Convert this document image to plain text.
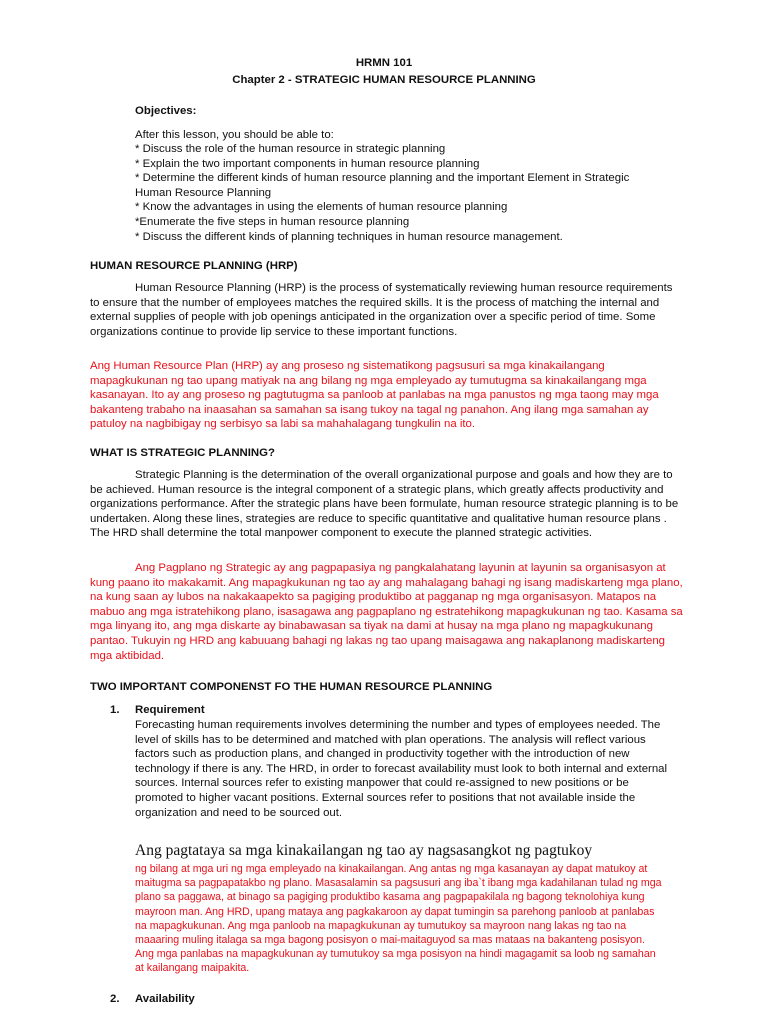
HRMN 101
Chapter 2 - STRATEGIC HUMAN RESOURCE PLANNING
Objectives:
After this lesson, you should be able to:
* Discuss the role of the human resource in strategic planning
* Explain the two important components in human resource planning
* Determine the different kinds of human resource planning and the important Element in Strategic Human Resource Planning
* Know the advantages in using the elements of human resource planning
*Enumerate the five steps in human resource planning
* Discuss the different kinds of planning techniques in human resource management.
HUMAN RESOURCE PLANNING (HRP)

Human Resource Planning (HRP) is the process of systematically reviewing human resource requirements to ensure that the number of employees matches the required skills. It is the process of matching the internal and external supplies of people with job openings anticipated in the organization over a specific period of time. Some organizations continue to provide lip service to these important functions.

Ang Human Resource Plan (HRP) ay ang proseso ng sistematikong pagsusuri sa mga kinakailangang mapagkukunan ng tao upang matiyak na ang bilang ng mga empleyado ay tumutugma sa kinakailangang mga kasanayan. Ito ay ang proseso ng pagtutugma sa panloob at panlabas na mga panustos ng mga taong may mga bakanteng trabaho na inaasahan sa samahan sa isang tukoy na tagal ng panahon. Ang ilang mga samahan ay patuloy na nagbibigay ng serbisyo sa labi sa mahahalagang tungkulin na ito.

WHAT IS STRATEGIC PLANNING?

Strategic Planning is the determination of the overall organizational purpose and goals and how they are to be achieved. Human resource is the integral component of a strategic plans, which greatly affects productivity and organizations performance. After the strategic plans have been formulate, human resource strategic planning is to be undertaken. Along these lines, strategies are reduce to specific quantitative and qualitative human resource plans . The HRD shall determine the total manpower component to execute the planned strategic activities.

Ang Pagplano ng Strategic ay ang pagpapasiya ng pangkalahatang layunin at layunin sa organisasyon at kung paano ito makakamit. Ang mapagkukunan ng tao ay ang mahalagang bahagi ng isang madiskarteng mga plano, na kung saan ay lubos na nakakaapekto sa pagiging produktibo at pagganap ng mga organisasyon. Matapos na mabuo ang mga istratehikong plano, isasagawa ang pagpaplano ng estratehikong mapagkukunan ng tao. Kasama sa mga linyang ito, ang mga diskarte ay binabawasan sa tiyak na dami at husay na mga plano ng mapagkukunang pantao. Tukuyin ng HRD ang kabuuang bahagi ng lakas ng tao upang maisagawa ang nakaplanong madiskarteng mga aktibidad.

TWO IMPORTANT COMPONENST FO THE HUMAN RESOURCE PLANNING
1. Requirement

Forecasting human requirements involves determining the number and types of employees needed. The level of skills has to be determined and matched with plan operations. The analysis will reflect various factors such as production plans, and changed in productivity together with the introduction of new technology if there is any. The HRD, in order to forecast availability must look to both internal and external sources. Internal sources refer to existing manpower that could re-assigned to new positions or be promoted to higher vacant positions. External sources refer to positions that not available inside the organization and need to be sourced out.

Ang pagtataya sa mga kinakailangan ng tao ay nagsasangkot ng pagtukoy

ng bilang at mga uri ng mga empleyado na kinakailangan. Ang antas ng mga kasanayan ay dapat matukoy at maitugma sa pagpapatakbo ng plano. Masasalamin sa pagsusuri ang iba`t ibang mga kadahilanan tulad ng mga plano sa paggawa, at binago sa pagiging produktibo kasama ang pagpapakilala ng bagong teknolohiya kung mayroon man. Ang HRD, upang mataya ang pagkakaroon ay dapat tumingin sa parehong panloob at panlabas na mapagkukunan. Ang mga panloob na mapagkukunan ay tumutukoy sa mayroon nang lakas ng tao na maaaring muling italaga sa mga bagong posisyon o mai-maitaguyod sa mas mataas na bakanteng posisyon. Ang mga panlabas na mapagkukunan ay tumutukoy sa mga posisyon na hindi magagamit sa loob ng samahan at kailangang maipakita.

2. Availability
